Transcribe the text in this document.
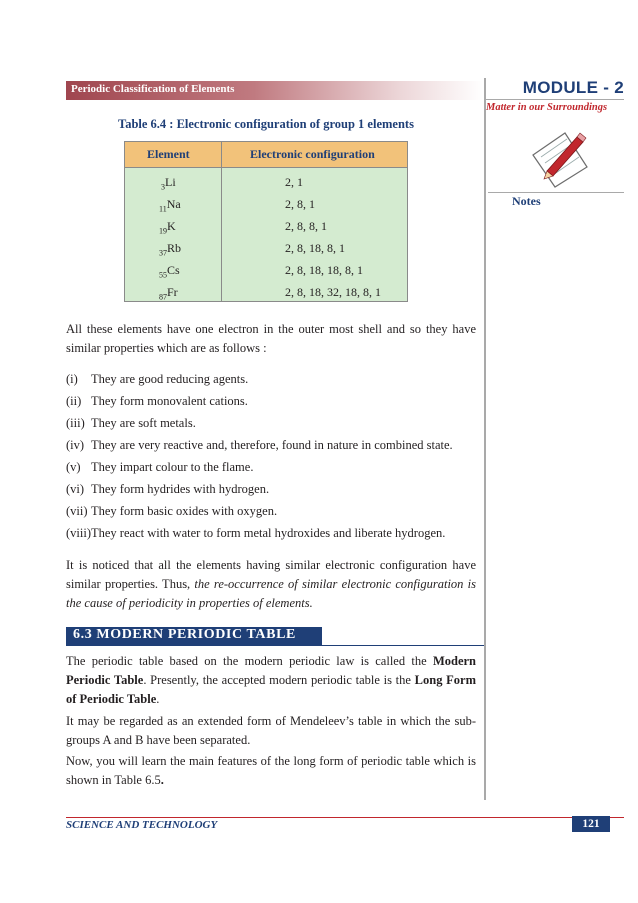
Periodic Classification of Elements	MODULE - 2
Matter in our Surroundings
Notes
Table 6.4 : Electronic configuration of group 1 elements
Element	Electronic configuration
$_3$Li	2, 1
$_{11}$Na	2, 8, 1
$_{19}$K	2, 8, 8, 1
$_{37}$Rb	2, 8, 18, 8, 1
$_{55}$Cs	2, 8, 18, 18, 8, 1
$_{87}$Fr	2, 8, 18, 32, 18, 8, 1
All these elements have one electron in the outer most shell and so they have similar properties which are as follows :
(i) They are good reducing agents.
(ii) They form monovalent cations.
(iii) They are soft metals.
(iv) They are very reactive and, therefore, found in nature in combined state.
(v) They impart colour to the flame.
(vi) They form hydrides with hydrogen.
(vii) They form basic oxides with oxygen.
(viii)They react with water to form metal hydroxides and liberate hydrogen.
It is noticed that all the elements having similar electronic configuration have similar properties. Thus, the re-occurrence of similar electronic configuration is the cause of periodicity in properties of elements.
6.3 MODERN PERIODIC TABLE
The periodic table based on the modern periodic law is called the Modern Periodic Table. Presently, the accepted modern periodic table is the Long Form of Periodic Table.
It may be regarded as an extended form of Mendeleev’s table in which the sub-groups A and B have been separated.
Now, you will learn the main features of the long form of periodic table which is shown in Table 6.5.
SCIENCE AND TECHNOLOGY	121
